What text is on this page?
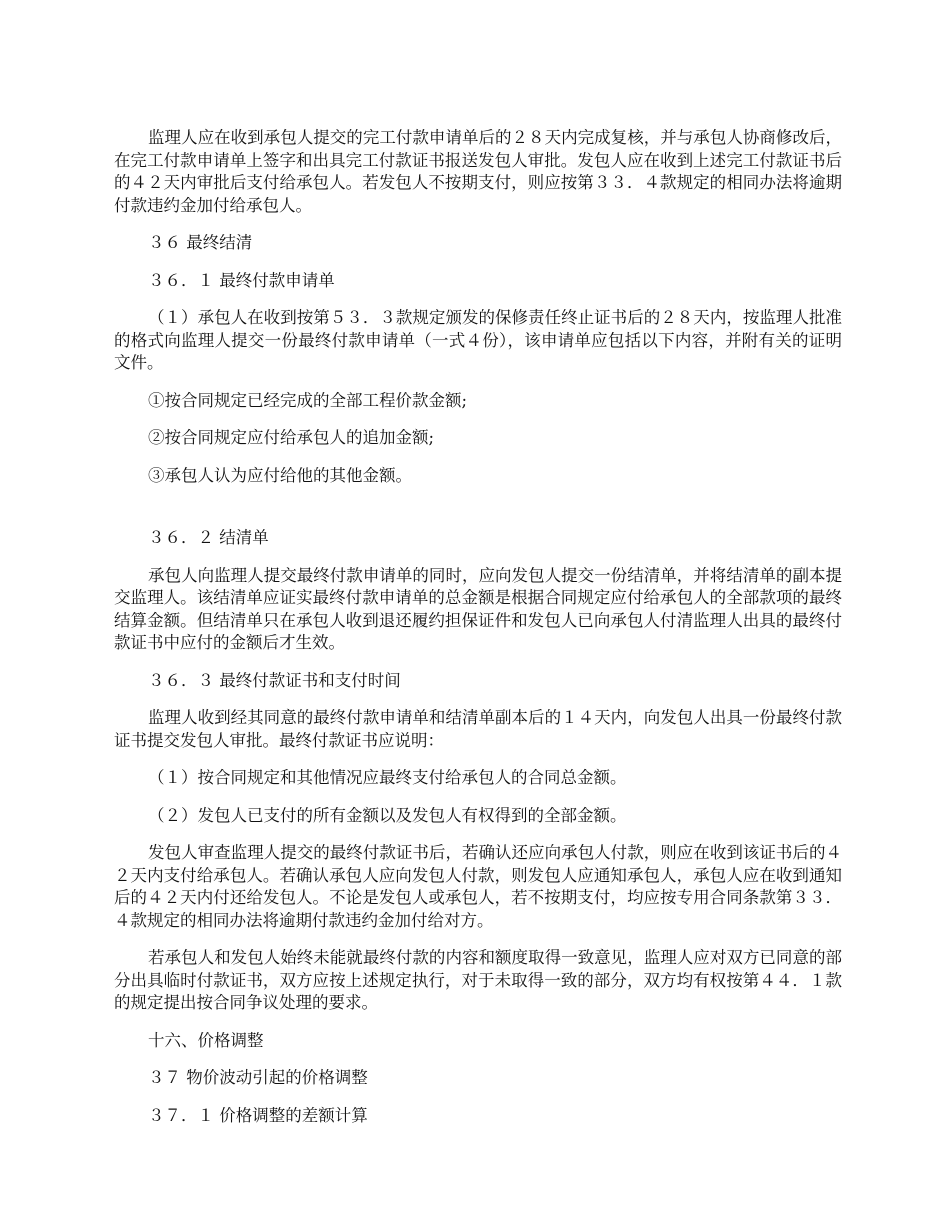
监理人应在收到承包人提交的完工付款申请单后的２８天内完成复核，并与承包人协商修改后，在完工付款申请单上签字和出具完工付款证书报送发包人审批。发包人应在收到上述完工付款证书后的４２天内审批后支付给承包人。若发包人不按期支付，则应按第３３．４款规定的相同办法将逾期付款违约金加付给承包人。

３６ 最终结清

３６．１ 最终付款申请单

（１）承包人在收到按第５３．３款规定颁发的保修责任终止证书后的２８天内，按监理人批准的格式向监理人提交一份最终付款申请单（一式４份），该申请单应包括以下内容，并附有关的证明文件。

①按合同规定已经完成的全部工程价款金额;

②按合同规定应付给承包人的追加金额;

③承包人认为应付给他的其他金额。

３６．２ 结清单

承包人向监理人提交最终付款申请单的同时，应向发包人提交一份结清单，并将结清单的副本提交监理人。该结清单应证实最终付款申请单的总金额是根据合同规定应付给承包人的全部款项的最终结算金额。但结清单只在承包人收到退还履约担保证件和发包人已向承包人付清监理人出具的最终付款证书中应付的金额后才生效。

３６．３ 最终付款证书和支付时间

监理人收到经其同意的最终付款申请单和结清单副本后的１４天内，向发包人出具一份最终付款证书提交发包人审批。最终付款证书应说明：

（１）按合同规定和其他情况应最终支付给承包人的合同总金额。

（２）发包人已支付的所有金额以及发包人有权得到的全部金额。

发包人审查监理人提交的最终付款证书后，若确认还应向承包人付款，则应在收到该证书后的４２天内支付给承包人。若确认承包人应向发包人付款，则发包人应通知承包人，承包人应在收到通知后的４２天内付还给发包人。不论是发包人或承包人，若不按期支付，均应按专用合同条款第３３．４款规定的相同办法将逾期付款违约金加付给对方。

若承包人和发包人始终未能就最终付款的内容和额度取得一致意见，监理人应对双方已同意的部分出具临时付款证书，双方应按上述规定执行，对于未取得一致的部分，双方均有权按第４４．１款的规定提出按合同争议处理的要求。

十六、价格调整

３７ 物价波动引起的价格调整

３７．１ 价格调整的差额计算
